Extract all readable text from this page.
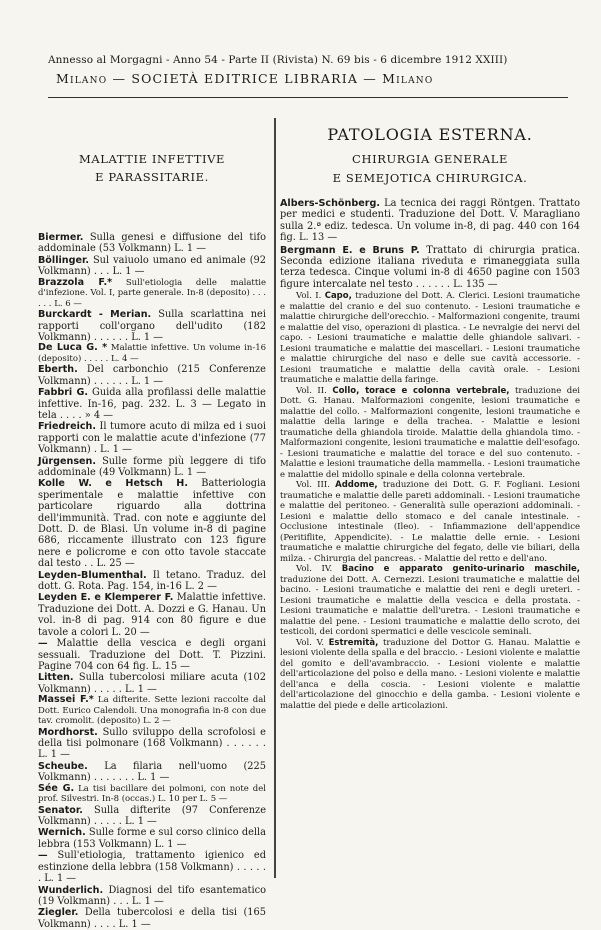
Annesso al Morgagni - Anno 54 - Parte II (Rivista) N. 69 bis - 6 dicembre 1912 XXIII)
Milano — SOCIETÀ EDITRICE LIBRARIA — Milano
MALATTIE INFETTIVE
E PARASSITARIE.
Biermer. Sulla genesi e diffusione del tifo addominale (53 Volkmann) L. 1 —
Böllinger. Sul vaiuolo umano ed animale (92 Volkmann) . . . L. 1 —
Brazzola F.* Sull'etiologia delle malattie d'infezione. Vol. I, parte generale. In-8 (deposito) . . . . . . L. 6 —
Burckardt - Merian. Sulla scarlattina nei rapporti coll'organo dell'udito (182 Volkmann) . . . . . . L. 1 —
De Luca G. * Malattie infettive. Un volume in-16 (deposito) . . . . . L. 4 —
Eberth. Del carbonchio (215 Conferenze Volkmann) . . . . . . L. 1 —
Fabbri G. Guida alla profilassi delle malattie infettive. In-16, pag. 232. L. 3 — Legato in tela . . . . » 4 —
Friedreich. Il tumore acuto di milza ed i suoi rapporti con le malattie acute d'infezione (77 Volkmann) . L. 1 —
Jürgensen. Sulle forme più leggere di tifo addominale (49 Volkmann) L. 1 —
Kolle W. e Hetsch H. Batteriologia sperimentale e malattie infettive con particolare riguardo alla dottrina dell'immunità. Trad. con note e aggiunte del Dott. D. de Blasi. Un volume in-8 di pagine 686, riccamente illustrato con 123 figure nere e policrome e con otto tavole staccate dal testo . . L. 25 —
Leyden-Blumenthal. Il tetano. Traduz. del dott. G. Rota. Pag. 154, in-16 L. 2 —
Leyden E. e Klemperer F. Malattie infettive. Traduzione dei Dott. A. Dozzi e G. Hanau. Un vol. in-8 di pag. 914 con 80 figure e due tavole a colori L. 20 —
— Malattie della vescica e degli organi sessuali. Traduzione del Dott. T. Pizzini. Pagine 704 con 64 fig. L. 15 —
Litten. Sulla tubercolosi miliare acuta (102 Volkmann) . . . . . L. 1 —
Massei F.* La difterite. Sette lezioni raccolte dal Dott. Eurico Calendoli. Una monografia in-8 con due tav. cromolit. (deposito) L. 2 —
Mordhorst. Sullo sviluppo della scrofolosi e della tisi polmonare (168 Volkmann) . . . . . . L. 1 —
Scheube. La filaria nell'uomo (225 Volkmann) . . . . . . . L. 1 —
Sée G. La tisi bacillare dei polmoni, con note del prof. Silvestri. In-8 (occas.) L. 10 per L. 5 —
Senator. Sulla difterite (97 Conferenze Volkmann) . . . . . L. 1 —
Wernich. Sulle forme e sul corso clinico della lebbra (153 Volkmann) L. 1 —
— Sull'etiologia, trattamento igienico ed estinzione della lebbra (158 Volkmann) . . . . . . L. 1 —
Wunderlich. Diagnosi del tifo esantematico (19 Volkmann) . . . L. 1 —
Ziegler. Della tubercolosi e della tisi (165 Volkmann) . . . . L. 1 —
PATOLOGIA ESTERNA.
CHIRURGIA GENERALE
E SEMEJOTICA CHIRURGICA.
Albers-Schönberg. La tecnica dei raggi Röntgen. Trattato per medici e studenti. Traduzione del Dott. V. Maragliano sulla 2.ª ediz. tedesca. Un volume in-8, di pag. 440 con 164 fig. L. 13 —
Bergmann E. e Bruns P. Trattato di chirurgia pratica. Seconda edizione italiana riveduta e rimaneggiata sulla terza tedesca. Cinque volumi in-8 di 4650 pagine con 1503 figure intercalate nel testo . . . . . . L. 135 —
Vol. I. Capo, traduzione del Dott. A. Clerici. Lesioni traumatiche e malattie del cranio e del suo contenuto. - Lesioni traumatiche e malattie chirurgiche dell'orecchio. - Malformazioni congenite, traumi e malattie del viso, operazioni di plastica. - Le nevralgie dei nervi del capo. - Lesioni traumatiche e malattie delle ghiandole salivari. - Lesioni traumatiche e malattie dei mascellari. - Lesioni traumatiche e malattie chirurgiche del naso e delle sue cavità accessorie. - Lesioni traumatiche e malattie della cavità orale. - Lesioni traumatiche e malattie della faringe.
Vol. II. Collo, torace e colonna vertebrale, traduzione dei Dott. G. Hanau. Malformazioni congenite, lesioni traumatiche e malattie del collo. - Malformazioni congenite, lesioni traumatiche e malattie della laringe e della trachea. - Malattie e lesioni traumatiche della ghiandola tiroide. Malattie della ghiandola timo. - Malformazioni congenite, lesioni traumatiche e malattie dell'esofago. - Lesioni traumatiche e malattie del torace e del suo contenuto. - Malattie e lesioni traumatiche della mammella. - Lesioni traumatiche e malattie del midollo spinale e della colonna vertebrale.
Vol. III. Addome, traduzione dei Dott. G. F. Fogliani. Lesioni traumatiche e malattie delle pareti addominali. - Lesioni traumatiche e malattie del peritoneo. - Generalità sulle operazioni addominali. - Lesioni e malattie dello stomaco e del canale intestinale. - Occlusione intestinale (Ileo). - Infiammazione dell'appendice (Peritiflite, Appendicite). - Le malattie delle ernie. - Lesioni traumatiche e malattie chirurgiche del fegato, delle vie biliari, della milza. - Chirurgia del pancreas. - Malattie del retto e dell'ano.
Vol. IV. Bacino e apparato genito-urinario maschile, traduzione dei Dott. A. Cernezzi. Lesioni traumatiche e malattie del bacino. - Lesioni traumatiche e malattie dei reni e degli ureteri. - Lesioni traumatiche e malattie della vescica e della prostata. - Lesioni traumatiche e malattie dell'uretra. - Lesioni traumatiche e malattie del pene. - Lesioni traumatiche e malattie dello scroto, dei testicoli, dei cordoni spermatici e delle vescicole seminali.
Vol. V. Estremità, traduzione del Dottor G. Hanau. Malattie e lesioni violente della spalla e del braccio. - Lesioni violente e malattie del gomito e dell'avambraccio. - Lesioni violente e malattie dell'articolazione del polso e della mano. - Lesioni violente e malattie dell'anca e della coscia. - Lesioni violente e malattie dell'articolazione del ginocchio e della gamba. - Lesioni violente e malattie del piede e delle articolazioni.
